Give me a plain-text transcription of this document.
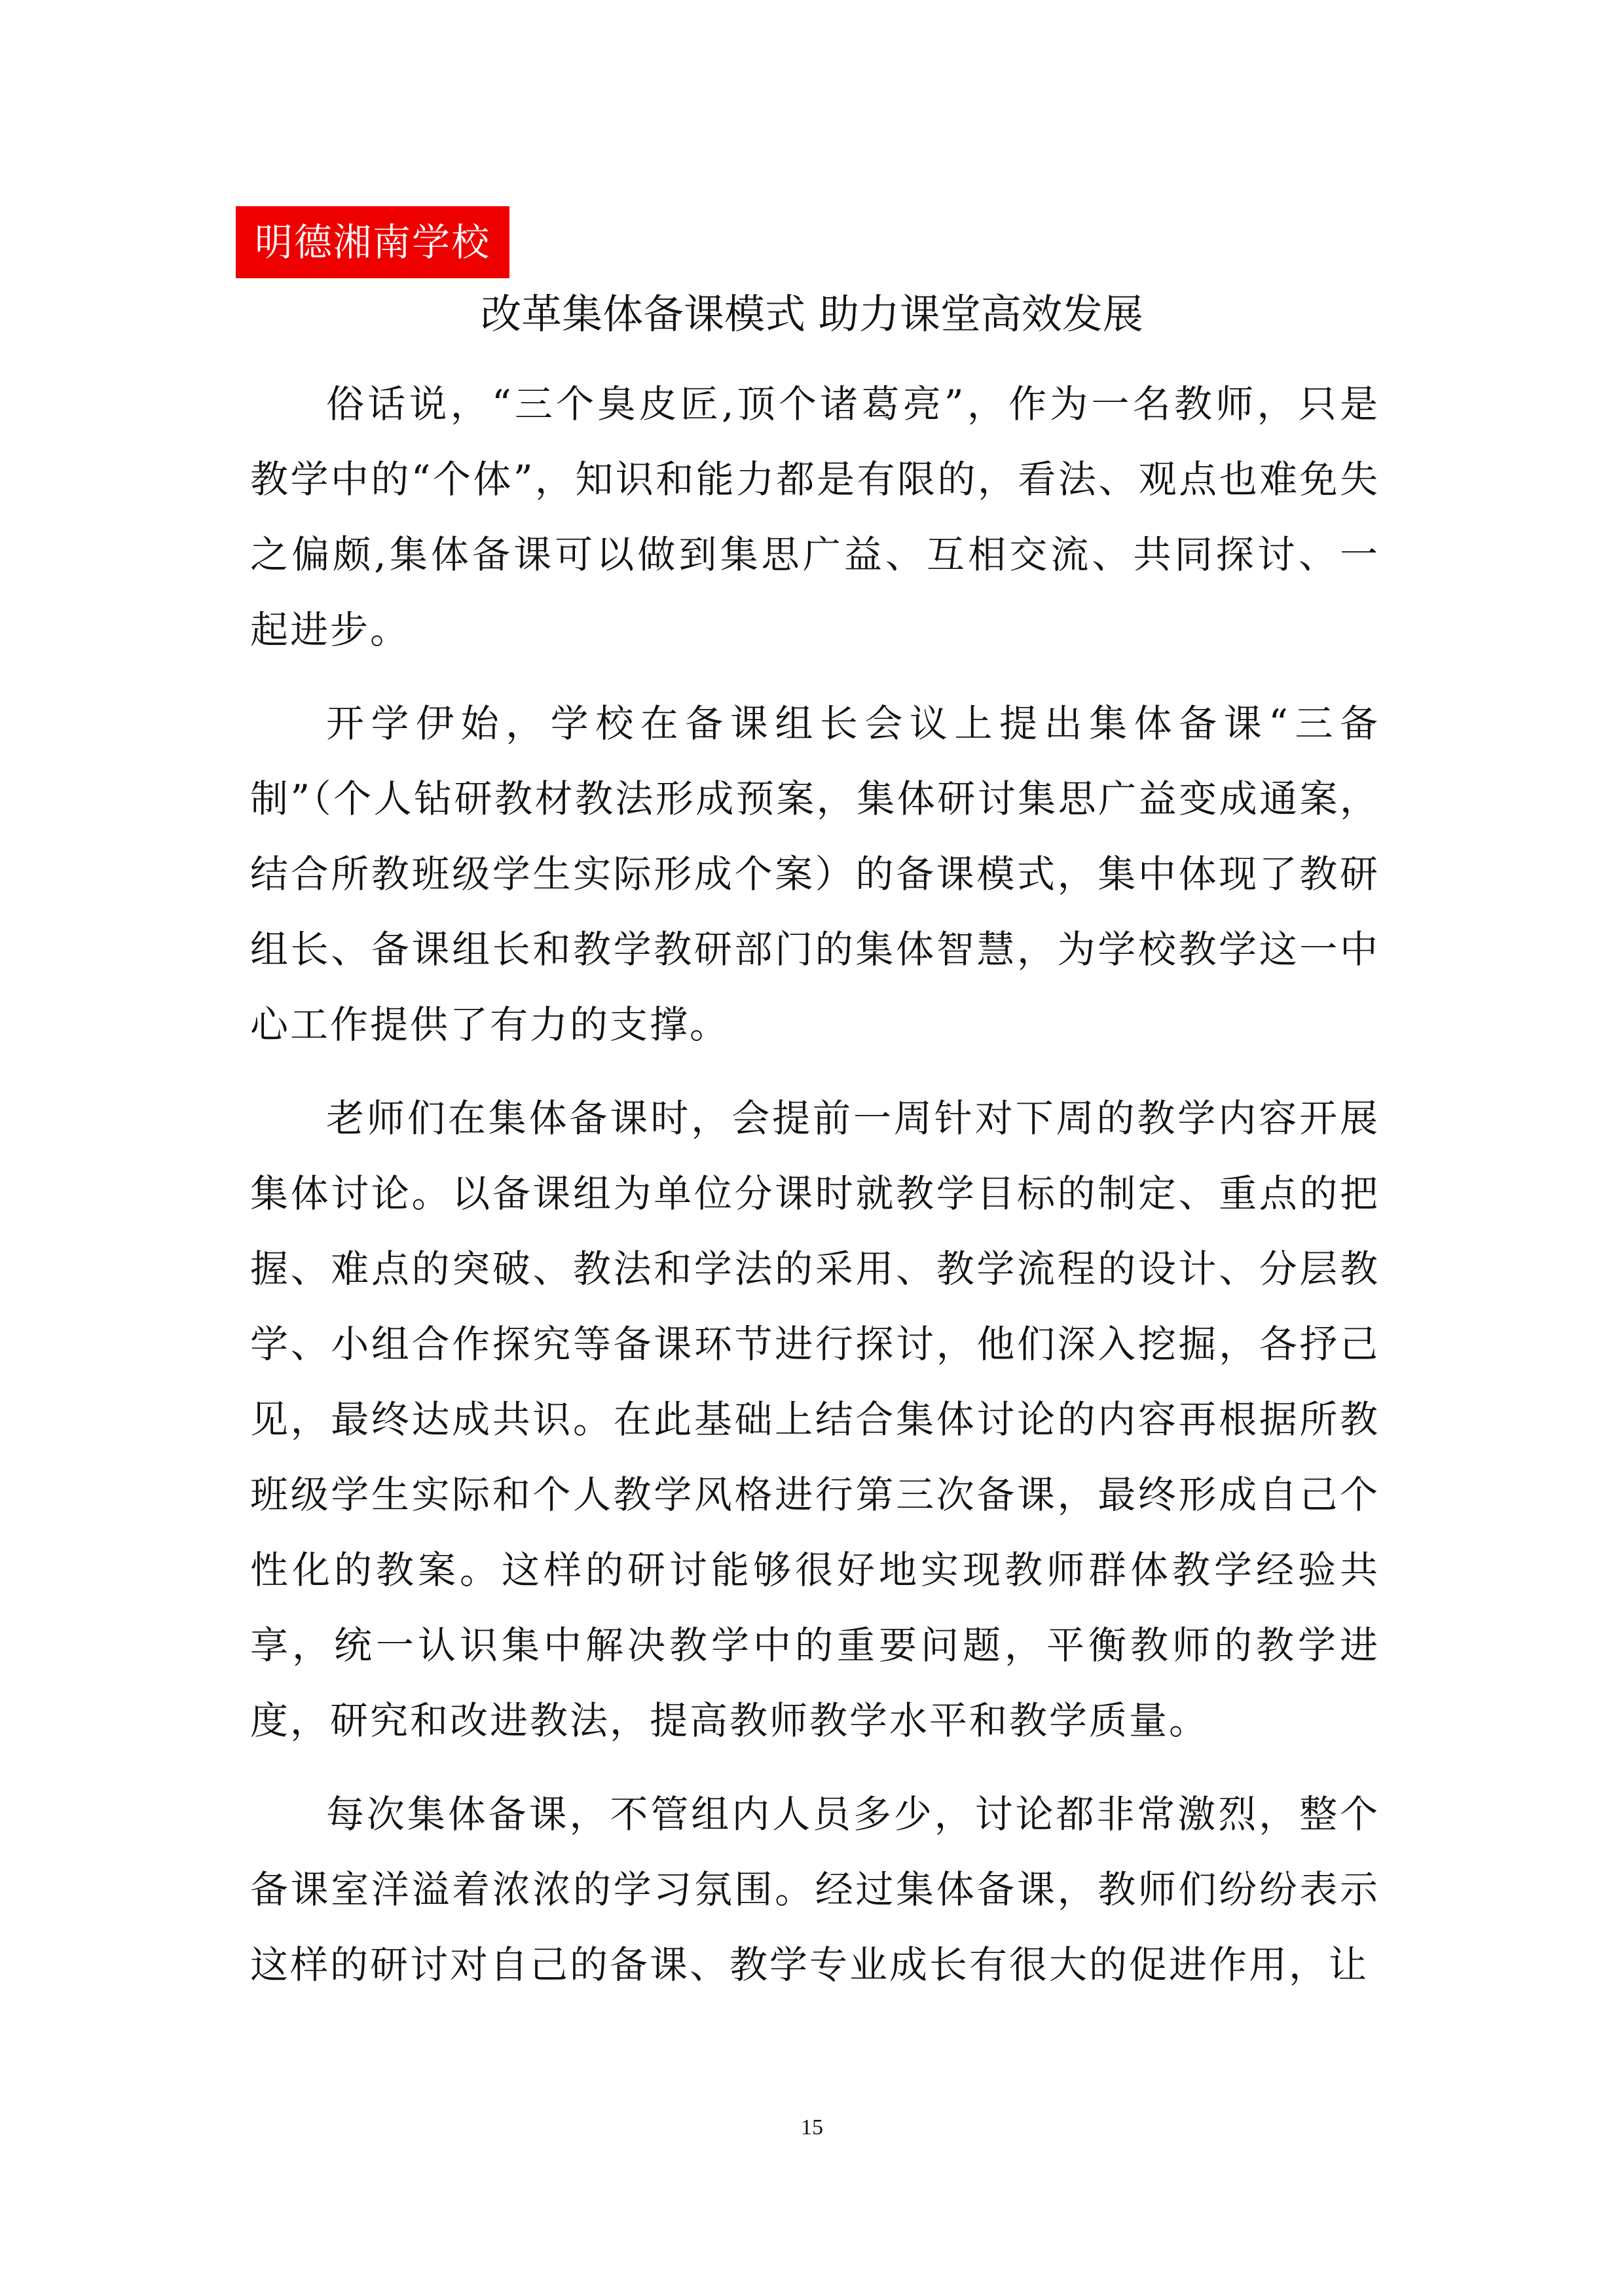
明德湘南学校
改革集体备课模式 助力课堂高效发展

俗话说，“三个臭皮匠,顶个诸葛亮”，作为一名教师，只是教学中的“个体”，知识和能力都是有限的，看法、观点也难免失之偏颇,集体备课可以做到集思广益、互相交流、共同探讨、一起进步。

开学伊始，学校在备课组长会议上提出集体备课“三备制”（个人钻研教材教法形成预案，集体研讨集思广益变成通案，结合所教班级学生实际形成个案）的备课模式，集中体现了教研组长、备课组长和教学教研部门的集体智慧，为学校教学这一中心工作提供了有力的支撑。

老师们在集体备课时，会提前一周针对下周的教学内容开展集体讨论。以备课组为单位分课时就教学目标的制定、重点的把握、难点的突破、教法和学法的采用、教学流程的设计、分层教学、小组合作探究等备课环节进行探讨，他们深入挖掘，各抒己见，最终达成共识。在此基础上结合集体讨论的内容再根据所教班级学生实际和个人教学风格进行第三次备课，最终形成自己个性化的教案。这样的研讨能够很好地实现教师群体教学经验共享，统一认识集中解决教学中的重要问题，平衡教师的教学进度，研究和改进教法，提高教师教学水平和教学质量。

每次集体备课，不管组内人员多少，讨论都非常激烈，整个备课室洋溢着浓浓的学习氛围。经过集体备课，教师们纷纷表示这样的研讨对自己的备课、教学专业成长有很大的促进作用，让

15
